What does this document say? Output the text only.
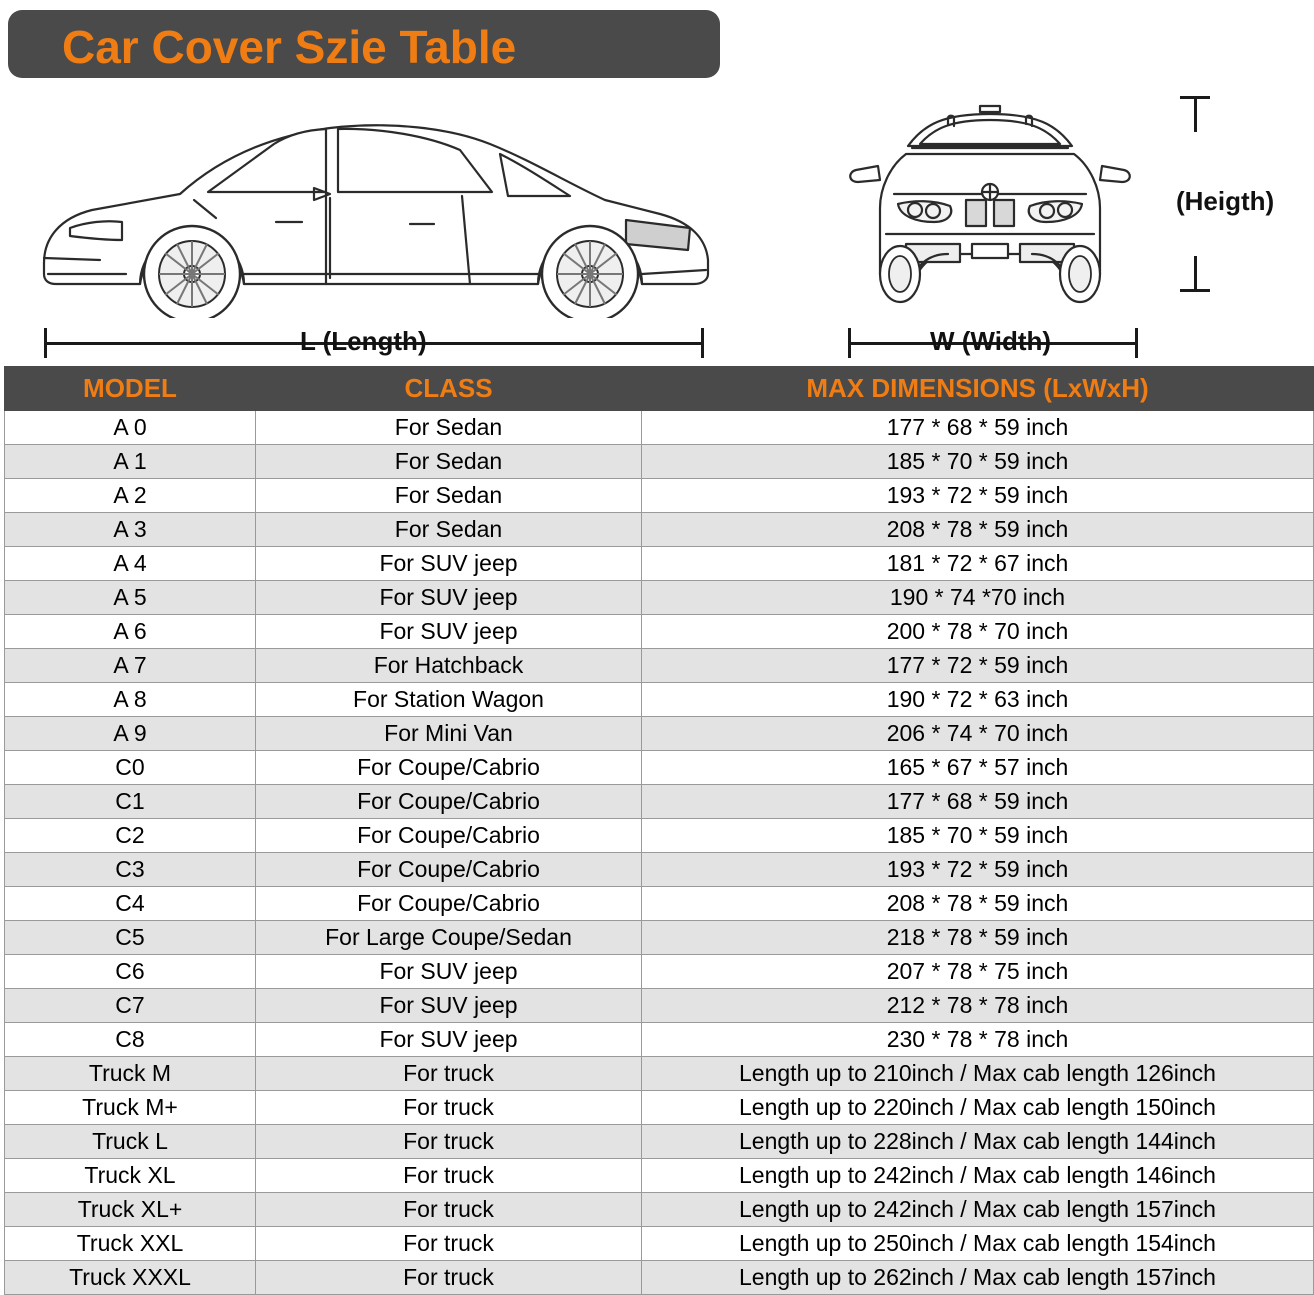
Car Cover Szie Table
L (Length)	W (Width)
(Heigth)
MODEL	CLASS	MAX DIMENSIONS (LxWxH)
A 0	For Sedan	177 * 68 * 59 inch
A 1	For Sedan	185 * 70 * 59 inch
A 2	For Sedan	193 * 72 * 59 inch
A 3	For Sedan	208 * 78 * 59 inch
A 4	For SUV jeep	181 * 72 * 67 inch
A 5	For SUV jeep	190 * 74 *70 inch
A 6	For SUV jeep	200 * 78 * 70 inch
A 7	For Hatchback	177 * 72 * 59 inch
A 8	For Station Wagon	190 * 72 * 63 inch
A 9	For Mini Van	206 * 74 * 70 inch
C0	For Coupe/Cabrio	165 * 67 * 57 inch
C1	For Coupe/Cabrio	177 * 68 * 59 inch
C2	For Coupe/Cabrio	185 * 70 * 59 inch
C3	For Coupe/Cabrio	193 * 72 * 59 inch
C4	For Coupe/Cabrio	208 * 78 * 59 inch
C5	For Large Coupe/Sedan	218 * 78 * 59 inch
C6	For SUV jeep	207 * 78 * 75 inch
C7	For SUV jeep	212 * 78 * 78 inch
C8	For SUV jeep	230 * 78 * 78 inch
Truck M	For truck	Length up to 210inch / Max cab length 126inch
Truck M+	For truck	Length up to 220inch / Max cab length 150inch
Truck L	For truck	Length up to 228inch / Max cab length 144inch
Truck XL	For truck	Length up to 242inch / Max cab length 146inch
Truck XL+	For truck	Length up to 242inch / Max cab length 157inch
Truck XXL	For truck	Length up to 250inch / Max cab length 154inch
Truck XXXL	For truck	Length up to 262inch / Max cab length 157inch
